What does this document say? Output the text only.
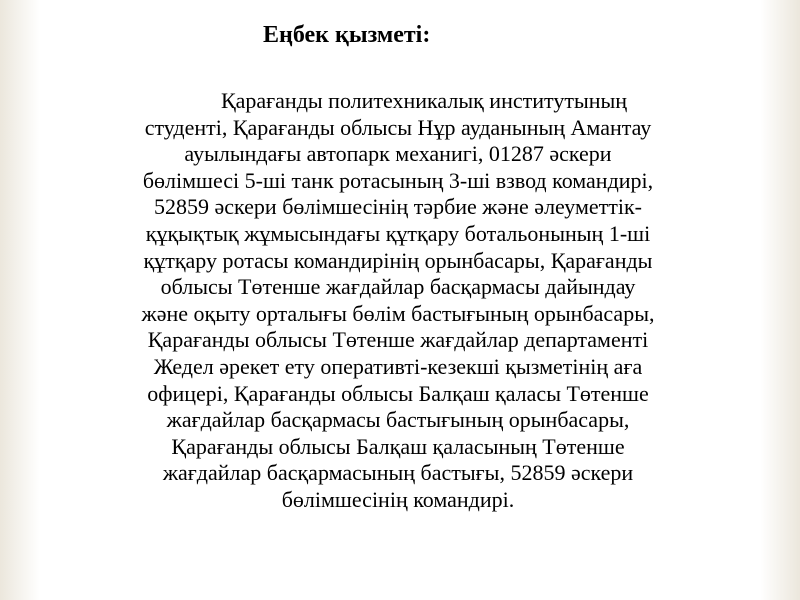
Еңбек қызметі:

Қарағанды политехникалық институтының
студенті, Қарағанды облысы Нұр ауданының Амантау
ауылындағы автопарк механигі, 01287 әскери
бөлімшесі 5-ші танк ротасының 3-ші взвод командирі,
52859 әскери бөлімшесінің тәрбие және әлеуметтік-
құқықтық жұмысындағы құтқару ботальонының 1-ші
құтқару ротасы командирінің орынбасары, Қарағанды
облысы Төтенше жағдайлар басқармасы дайындау
және оқыту орталығы бөлім бастығының орынбасары,
Қарағанды облысы Төтенше жағдайлар департаменті
Жедел әрекет ету оперативті-кезекші қызметінің аға
офицері, Қарағанды облысы Балқаш қаласы Төтенше
жағдайлар басқармасы бастығының орынбасары,
Қарағанды облысы Балқаш қаласының Төтенше
жағдайлар басқармасының бастығы, 52859 әскери
бөлімшесінің командирі.
